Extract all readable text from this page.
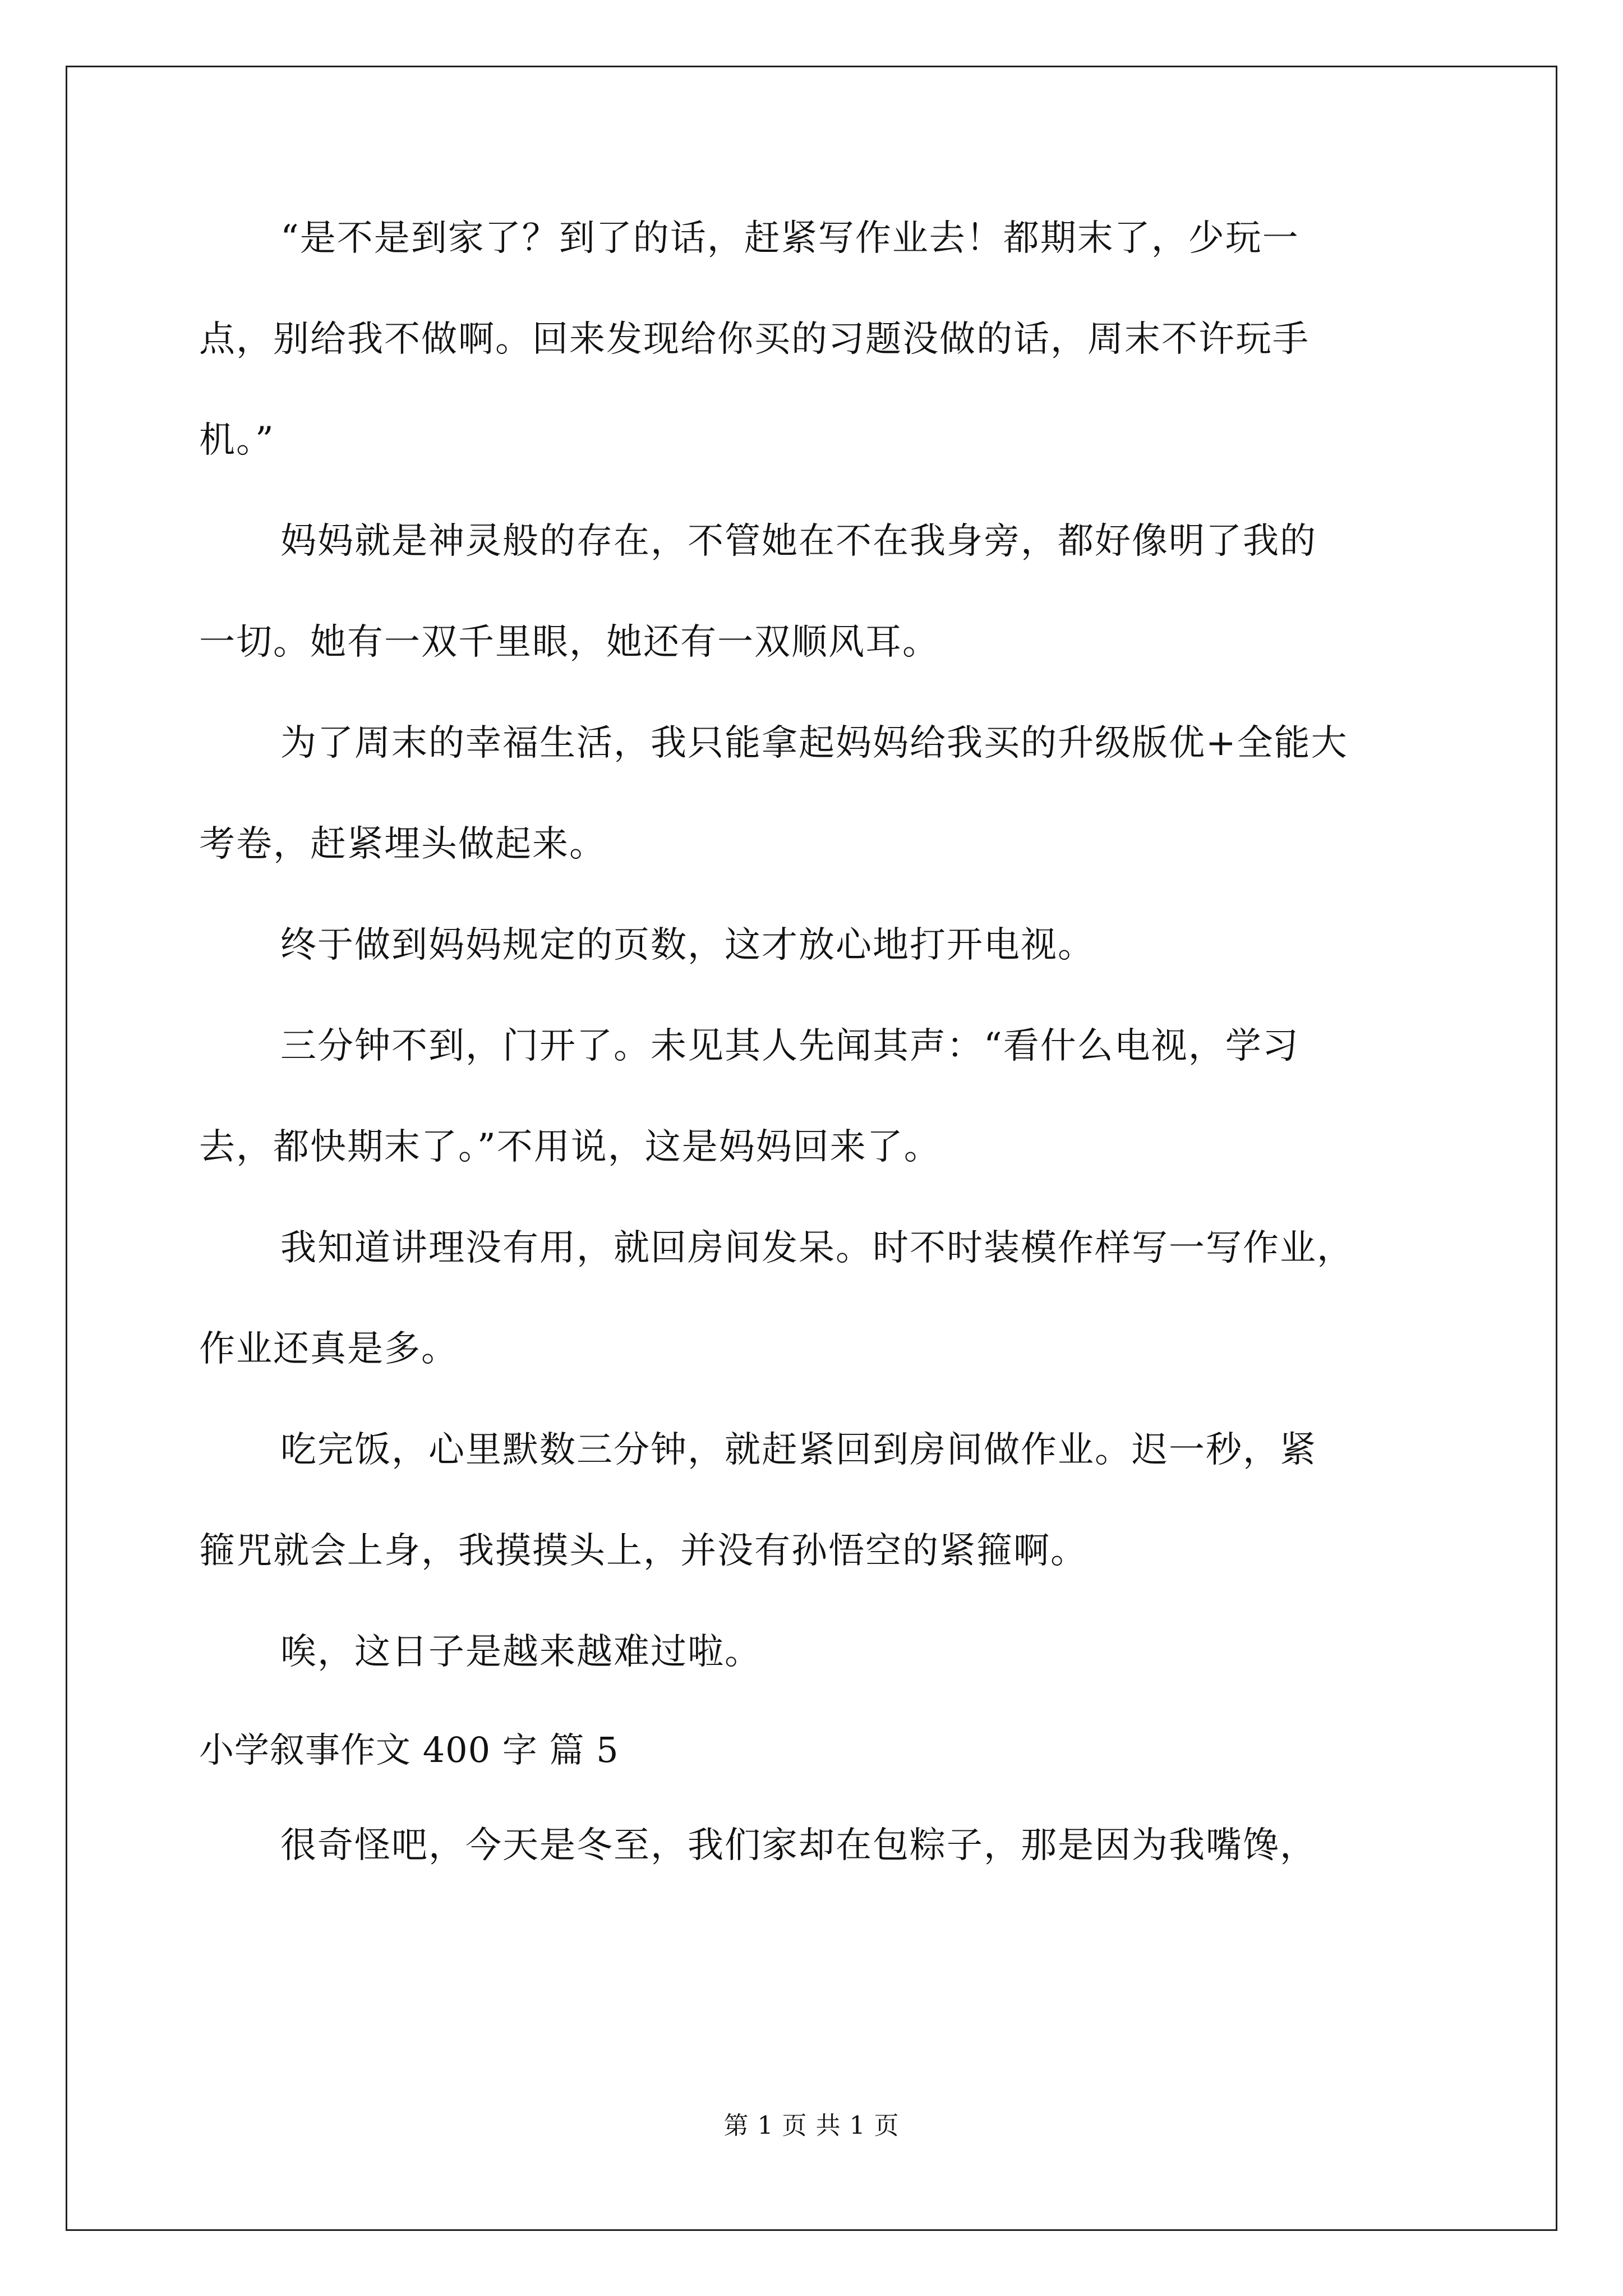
“是不是到家了？到了的话，赶紧写作业去！都期末了，少玩一
点，别给我不做啊。回来发现给你买的习题没做的话，周末不许玩手
机。”
妈妈就是神灵般的存在，不管她在不在我身旁，都好像明了我的
一切。她有一双千里眼，她还有一双顺风耳。
为了周末的幸福生活，我只能拿起妈妈给我买的升级版优+全能大
考卷，赶紧埋头做起来。
终于做到妈妈规定的页数，这才放心地打开电视。
三分钟不到，门开了。未见其人先闻其声：“看什么电视，学习
去，都快期末了。”不用说，这是妈妈回来了。
我知道讲理没有用，就回房间发呆。时不时装模作样写一写作业，
作业还真是多。
吃完饭，心里默数三分钟，就赶紧回到房间做作业。迟一秒，紧
箍咒就会上身，我摸摸头上，并没有孙悟空的紧箍啊。
唉，这日子是越来越难过啦。
小学叙事作文 400 字 篇 5
很奇怪吧，今天是冬至，我们家却在包粽子，那是因为我嘴馋，
第 1 页 共 1 页
